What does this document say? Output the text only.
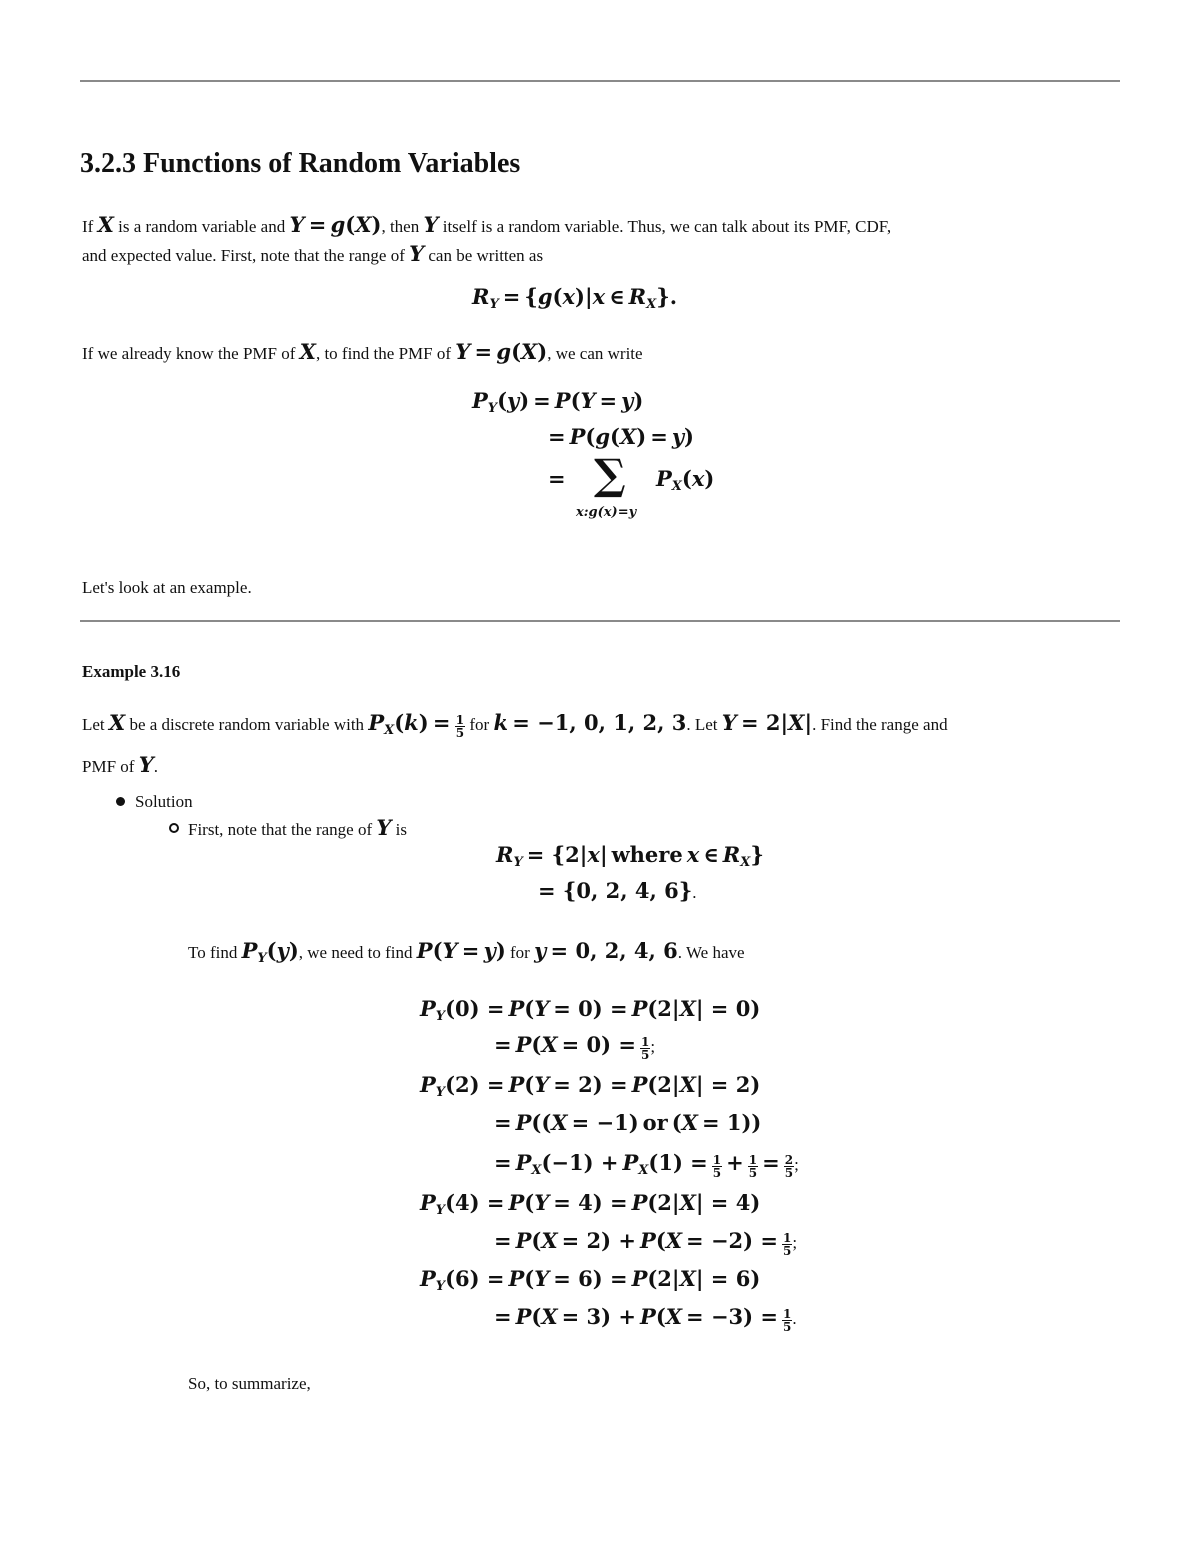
3.2.3 Functions of Random Variables
If X is a random variable and Y = g(X), then Y itself is a random variable. Thus, we can talk about its PMF, CDF,
and expected value. First, note that the range of Y can be written as
$R_Y = \{g(x)|x$ ∈ $R_X$}.
If we already know the PMF of X, to find the PMF of Y = g(X), we can write
$P_Y(y) = P(Y = y)$
= P(g(X) = y)
= ∑
x:g(x)=y
$P_X(x)$
Let's look at an example.
Example 3.16
Let X be a discrete random variable with $P_X(k) = \frac{1}{5}$ for k = −1, 0, 1, 2, 3. Let Y = 2|X|. Find the range and
PMF of Y.
Solution
First, note that the range of Y is
$R_Y = \{2|x|$ where x ∈ $R_X$}
= {0, 2, 4, 6}.
To find $P_Y(y)$, we need to find P(Y = y) for y = 0, 2, 4, 6. We have
$P_Y(0) = P(Y = 0) = P(2|X| = 0)$
= $P(X = 0) = \frac{1}{5}$ ;
$P_Y(2) = P(Y = 2) = P(2|X| = 2)$
= P((X = −1) or (X = 1))
= $P_X(-1) + P_X(1) = \frac{1}{5} + \frac{1}{5} = \frac{2}{5}$ ;
$P_Y(4) = P(Y = 4) = P(2|X| = 4)$
= $P(X = 2) + P(X = -2) = \frac{1}{5}$ ;
$P_Y(6) = P(Y = 6) = P(2|X| = 6)$
= $P(X = 3) + P(X = -3) = \frac{1}{5}$ .
So, to summarize,
